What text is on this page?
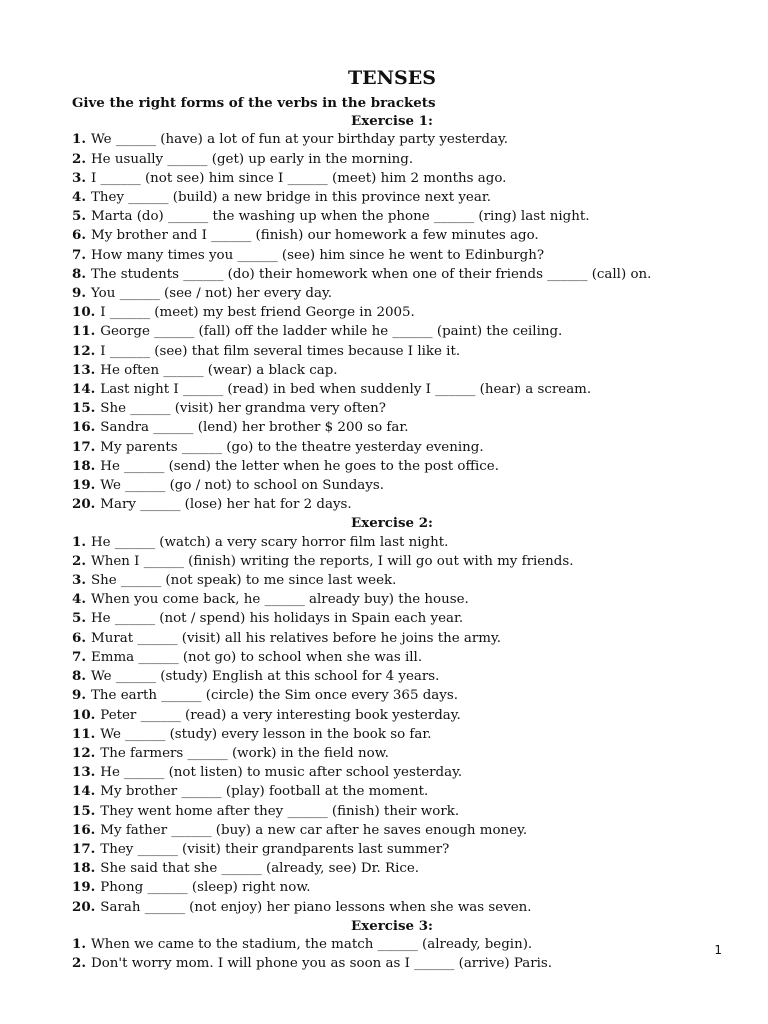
TENSES
Give the right forms of the verbs in the brackets
Exercise 1:
1. We ______ (have) a lot of fun at your birthday party yesterday.
2. He usually ______ (get) up early in the morning.
3. I ______ (not see) him since I ______ (meet) him 2 months ago.
4. They ______ (build) a new bridge in this province next year.
5. Marta (do) ______ the washing up when the phone ______ (ring) last night.
6. My brother and I ______ (finish) our homework a few minutes ago.
7. How many times you ______ (see) him since he went to Edinburgh?
8. The students ______ (do) their homework when one of their friends ______ (call) on.
9. You ______ (see / not) her every day.
10. I ______ (meet) my best friend George in 2005.
11. George ______ (fall) off the ladder while he ______ (paint) the ceiling.
12. I ______ (see) that film several times because I like it.
13. He often ______ (wear) a black cap.
14. Last night I ______ (read) in bed when suddenly I ______ (hear) a scream.
15. She ______ (visit) her grandma very often?
16. Sandra ______ (lend) her brother $ 200 so far.
17. My parents ______ (go) to the theatre yesterday evening.
18. He ______ (send) the letter when he goes to the post office.
19. We ______ (go / not) to school on Sundays.
20. Mary ______ (lose) her hat for 2 days.
Exercise 2:
1. He ______ (watch) a very scary horror film last night.
2. When I ______ (finish) writing the reports, I will go out with my friends.
3. She ______ (not speak) to me since last week.
4. When you come back, he ______ already buy) the house.
5. He ______ (not / spend) his holidays in Spain each year.
6. Murat ______ (visit) all his relatives before he joins the army.
7. Emma ______ (not go) to school when she was ill.
8. We ______ (study) English at this school for 4 years.
9. The earth ______ (circle) the Sim once every 365 days.
10. Peter ______ (read) a very interesting book yesterday.
11. We ______ (study) every lesson in the book so far.
12. The farmers ______ (work) in the field now.
13. He ______ (not listen) to music after school yesterday.
14. My brother ______ (play) football at the moment.
15. They went home after they ______ (finish) their work.
16. My father ______ (buy) a new car after he saves enough money.
17. They ______ (visit) their grandparents last summer?
18. She said that she ______ (already, see) Dr. Rice.
19. Phong ______ (sleep) right now.
20. Sarah ______ (not enjoy) her piano lessons when she was seven.
Exercise 3:
1. When we came to the stadium, the match ______ (already, begin).
2. Don't worry mom. I will phone you as soon as I ______ (arrive) Paris.
1
